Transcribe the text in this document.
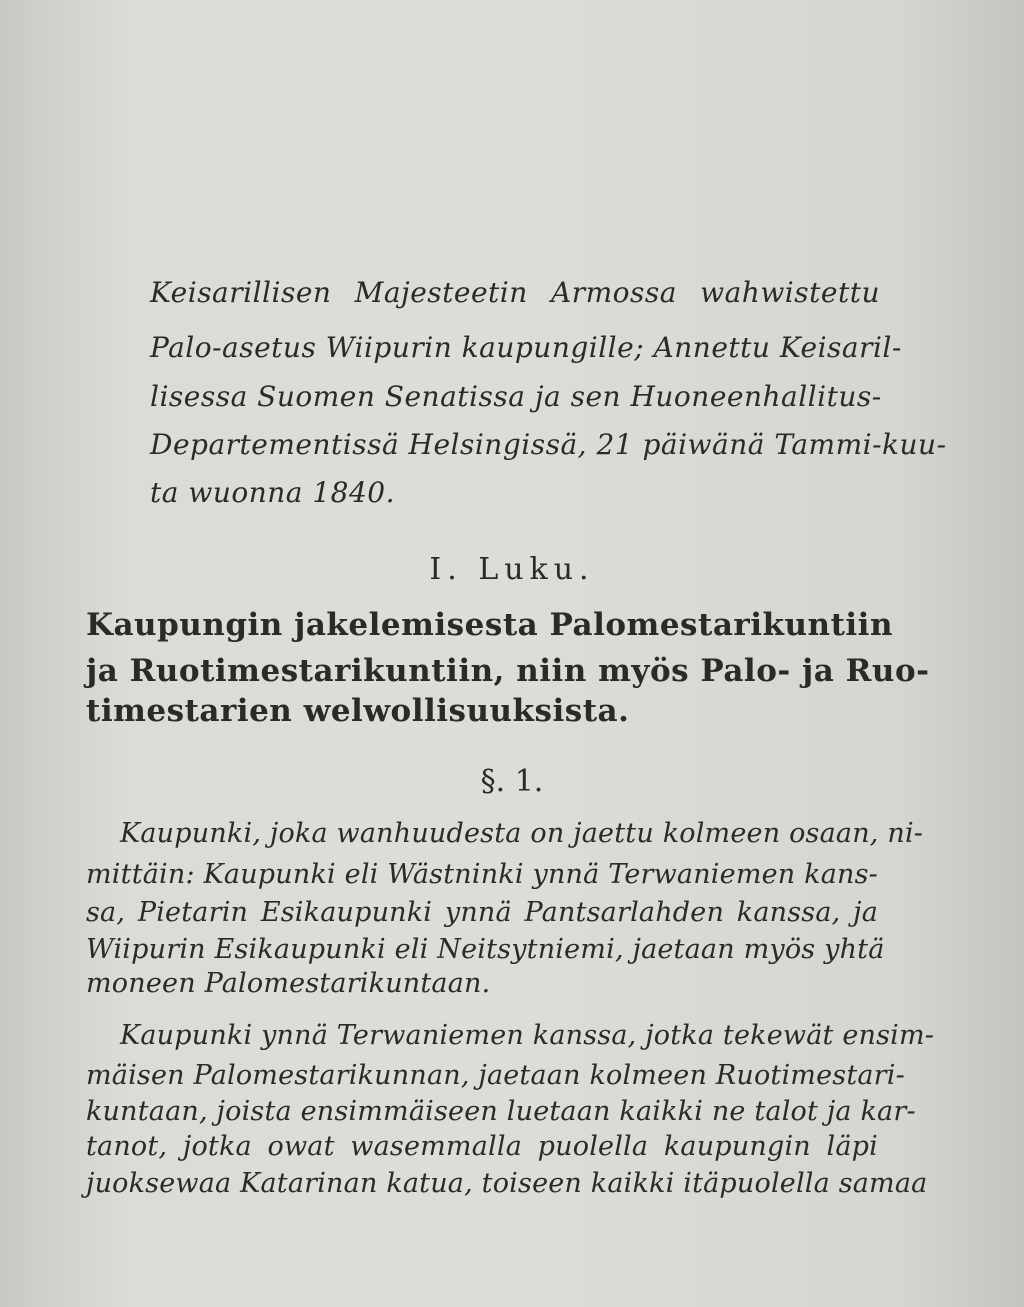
Keisarillisen Majesteetin Armossa wahwistettu
Palo-asetus Wiipurin kaupungille; Annettu Keisaril-
lisessa Suomen Senatissa ja sen Huoneenhallitus-
Departementissä Helsingissä, 21 päiwänä Tammi-kuu-
ta wuonna 1840.
I. Luku.
Kaupungin jakelemisesta Palomestarikuntiin
ja Ruotimestarikuntiin, niin myös Palo- ja Ruo-
timestarien welwollisuuksista.
§. 1.
Kaupunki, joka wanhuudesta on jaettu kolmeen osaan, ni-
mittäin: Kaupunki eli Wästninki ynnä Terwaniemen kans-
sa, Pietarin Esikaupunki ynnä Pantsarlahden kanssa, ja
Wiipurin Esikaupunki eli Neitsytniemi, jaetaan myös yhtä
moneen Palomestarikuntaan.
Kaupunki ynnä Terwaniemen kanssa, jotka tekewät ensim-
mäisen Palomestarikunnan, jaetaan kolmeen Ruotimestari-
kuntaan, joista ensimmäiseen luetaan kaikki ne talot ja kar-
tanot, jotka owat wasemmalla puolella kaupungin läpi
juoksewaa Katarinan katua, toiseen kaikki itäpuolella samaa
